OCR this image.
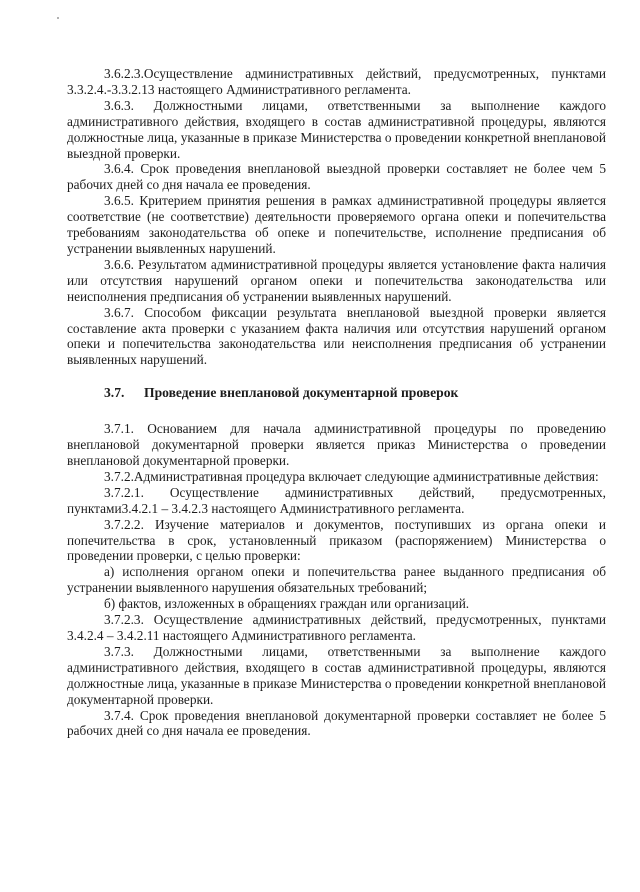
3.6.2.3.Осуществление административных действий, предусмотренных, пунктами 3.3.2.4.-3.3.2.13 настоящего Административного регламента.

3.6.3. Должностными лицами, ответственными за выполнение каждого административного действия, входящего в состав административной процедуры, являются должностные лица, указанные в приказе Министерства о проведении конкретной внеплановой выездной проверки.

3.6.4. Срок проведения внеплановой выездной проверки составляет не более чем 5 рабочих дней со дня начала ее проведения.

3.6.5. Критерием принятия решения в рамках административной процедуры является соответствие (не соответствие) деятельности проверяемого органа опеки и попечительства требованиям законодательства об опеке и попечительстве, исполнение предписания об устранении выявленных нарушений.

3.6.6. Результатом административной процедуры является установление факта наличия или отсутствия нарушений органом опеки и попечительства законодательства или неисполнения предписания об устранении выявленных нарушений.

3.6.7. Способом фиксации результата внеплановой выездной проверки является составление акта проверки с указанием факта наличия или отсутствия нарушений органом опеки и попечительства законодательства или неисполнения предписания об устранении выявленных нарушений.

3.7. Проведение внеплановой документарной проверок

3.7.1. Основанием для начала административной процедуры по проведению внеплановой документарной проверки является приказ Министерства о проведении внеплановой документарной проверки.

3.7.2.Административная процедура включает следующие административные действия:

3.7.2.1. Осуществление административных действий, предусмотренных, пунктами3.4.2.1 – 3.4.2.3 настоящего Административного регламента.

3.7.2.2. Изучение материалов и документов, поступивших из органа опеки и попечительства в срок, установленный приказом (распоряжением) Министерства о проведении проверки, с целью проверки:

а) исполнения органом опеки и попечительства ранее выданного предписания об устранении выявленного нарушения обязательных требований;

б) фактов, изложенных в обращениях граждан или организаций.

3.7.2.3. Осуществление административных действий, предусмотренных, пунктами 3.4.2.4 – 3.4.2.11 настоящего Административного регламента.

3.7.3. Должностными лицами, ответственными за выполнение каждого административного действия, входящего в состав административной процедуры, являются должностные лица, указанные в приказе Министерства о проведении конкретной внеплановой документарной проверки.

3.7.4. Срок проведения внеплановой документарной проверки составляет не более 5 рабочих дней со дня начала ее проведения.
